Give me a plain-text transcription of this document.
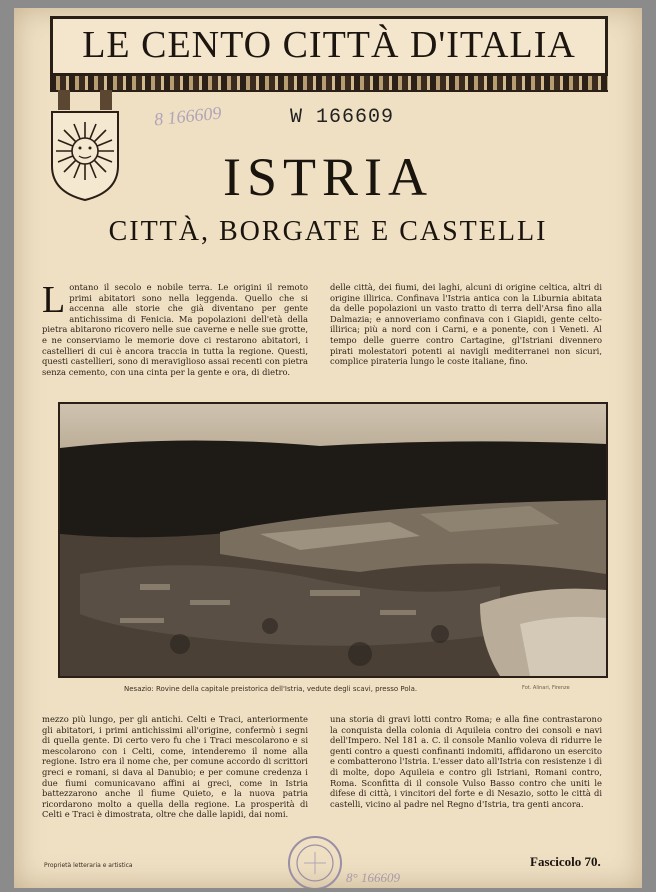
LE CENTO CITTÀ D'ITALIA
8 166609	W 166609
ISTRIA
CITTÀ, BORGATE E CASTELLI
Lontano il secolo e nobile terra. Le origini il remoto primi abitatori sono nella leggenda. Quello che si accenna alle storie che già diventano per gente antichissima di Fenicia. Ma popolazioni dell'età della pietra abitarono ricovero nelle sue caverne e nelle sue grotte, e ne conserviamo le memorie dove ci restarono abitatori, i castellieri di cui è ancora traccia in tutta la regione. Questi, questi castellieri, sono di meraviglioso assai recenti con pietra senza cemento, con una cinta per la gente e ora, di dietro.
delle città, dei fiumi, dei laghi, alcuni di origine celtica, altri di origine illirica. Confinava l'Istria antica con la Liburnia abitata da delle popolazioni un vasto tratto di terra dell'Arsa fino alla Dalmazia; e annoveriamo confinava con i Giapidi, gente celto-illirica; più a nord con i Carni, e a ponente, con i Veneti. Al tempo delle guerre contro Cartagine, gl'Istriani divennero pirati molestatori potenti ai navigli mediterranei non sicuri, complice pirateria lungo le coste italiane, fino.
Nesazio: Rovine della capitale preistorica dell'Istria, vedute degli scavi, presso Pola.	Fot. Alinari, Firenze
mezzo più lungo, per gli antichi. Celti e Traci, anteriormente gli abitatori, i primi antichissimi all'origine, confermò i segni di quella gente. Di certo vero fu che i Traci mescolarono e si mescolarono con i Celti, come, intenderemo il nome alla regione. Istro era il nome che, per comune accordo di scrittori greci e romani, si dava al Danubio; e per comune credenza i due fiumi comunicavano affini ai greci, come in Istria battezzarono anche il fiume Quieto, e la nuova patria ricordarono molto a quella della regione. La prosperità di Celti e Traci è dimostrata, oltre che dalle lapidi, dai nomi.
una storia di gravi lotti contro Roma; e alla fine contrastarono la conquista della colonia di Aquileia contro dei consoli e navi dell'Impero. Nel 181 a. C. il console Manlio voleva di ridurre le genti contro a questi confinanti indomiti, affidarono un esercito e combatterono l'Istria. L'esser dato all'Istria con resistenze i dì di molte, dopo Aquileia e contro gli Istriani, Romani contro, Roma. Sconfitta di il console Vulso Basso contro che uniti le difese di città, i vincitori del forte e di Nesazio, sotto le città di castelli, vicino al padre nel Regno d'Istria, tra genti ancora.
Proprietà letteraria e artistica	Fascicolo 70.
8° 166609
